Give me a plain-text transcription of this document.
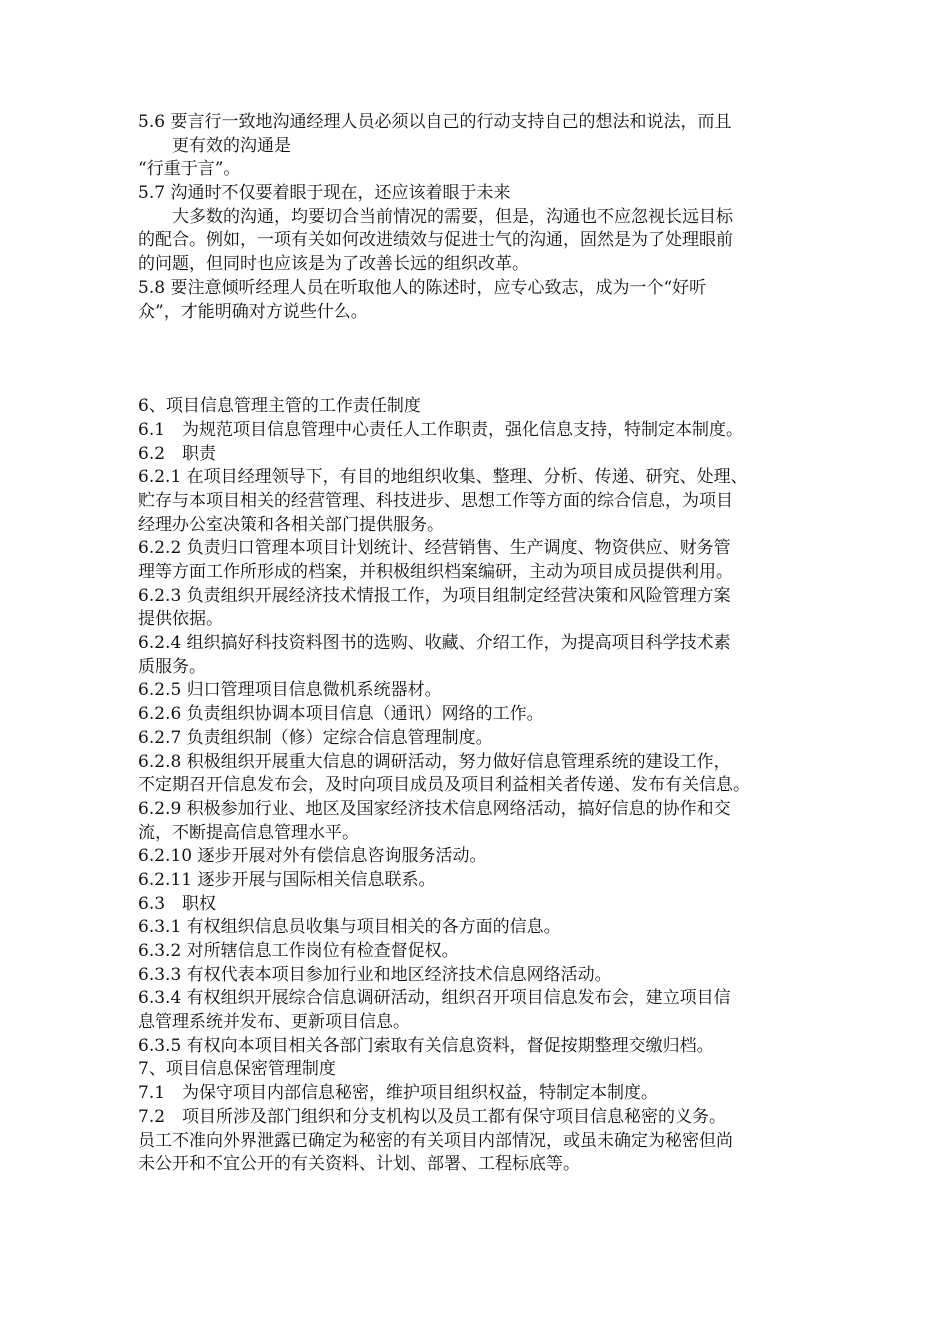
5.6 要言行一致地沟通经理人员必须以自己的行动支持自己的想法和说法，而且
更有效的沟通是
“行重于言”。
5.7 沟通时不仅要着眼于现在，还应该着眼于未来
大多数的沟通，均要切合当前情况的需要，但是，沟通也不应忽视长远目标
的配合。例如，一项有关如何改进绩效与促进士气的沟通，固然是为了处理眼前
的问题，但同时也应该是为了改善长远的组织改革。
5.8 要注意倾听经理人员在听取他人的陈述时，应专心致志，成为一个“好听
众”，才能明确对方说些什么。
6、项目信息管理主管的工作责任制度
6.1　为规范项目信息管理中心责任人工作职责，强化信息支持，特制定本制度。
6.2　职责
6.2.1 在项目经理领导下，有目的地组织收集、整理、分析、传递、研究、处理、
贮存与本项目相关的经营管理、科技进步、思想工作等方面的综合信息，为项目
经理办公室决策和各相关部门提供服务。
6.2.2 负责归口管理本项目计划统计、经营销售、生产调度、物资供应、财务管
理等方面工作所形成的档案，并积极组织档案编研，主动为项目成员提供利用。
6.2.3 负责组织开展经济技术情报工作，为项目组制定经营决策和风险管理方案
提供依据。
6.2.4 组织搞好科技资料图书的选购、收藏、介绍工作，为提高项目科学技术素
质服务。
6.2.5 归口管理项目信息微机系统器材。
6.2.6 负责组织协调本项目信息（通讯）网络的工作。
6.2.7 负责组织制（修）定综合信息管理制度。
6.2.8 积极组织开展重大信息的调研活动，努力做好信息管理系统的建设工作，
不定期召开信息发布会，及时向项目成员及项目利益相关者传递、发布有关信息。
6.2.9 积极参加行业、地区及国家经济技术信息网络活动，搞好信息的协作和交
流，不断提高信息管理水平。
6.2.10 逐步开展对外有偿信息咨询服务活动。
6.2.11 逐步开展与国际相关信息联系。
6.3　职权
6.3.1 有权组织信息员收集与项目相关的各方面的信息。
6.3.2 对所辖信息工作岗位有检查督促权。
6.3.3 有权代表本项目参加行业和地区经济技术信息网络活动。
6.3.4 有权组织开展综合信息调研活动，组织召开项目信息发布会，建立项目信
息管理系统并发布、更新项目信息。
6.3.5 有权向本项目相关各部门索取有关信息资料，督促按期整理交缴归档。
7、项目信息保密管理制度
7.1　为保守项目内部信息秘密，维护项目组织权益，特制定本制度。
7.2　项目所涉及部门组织和分支机构以及员工都有保守项目信息秘密的义务。
员工不准向外界泄露已确定为秘密的有关项目内部情况，或虽未确定为秘密但尚
未公开和不宜公开的有关资料、计划、部署、工程标底等。
